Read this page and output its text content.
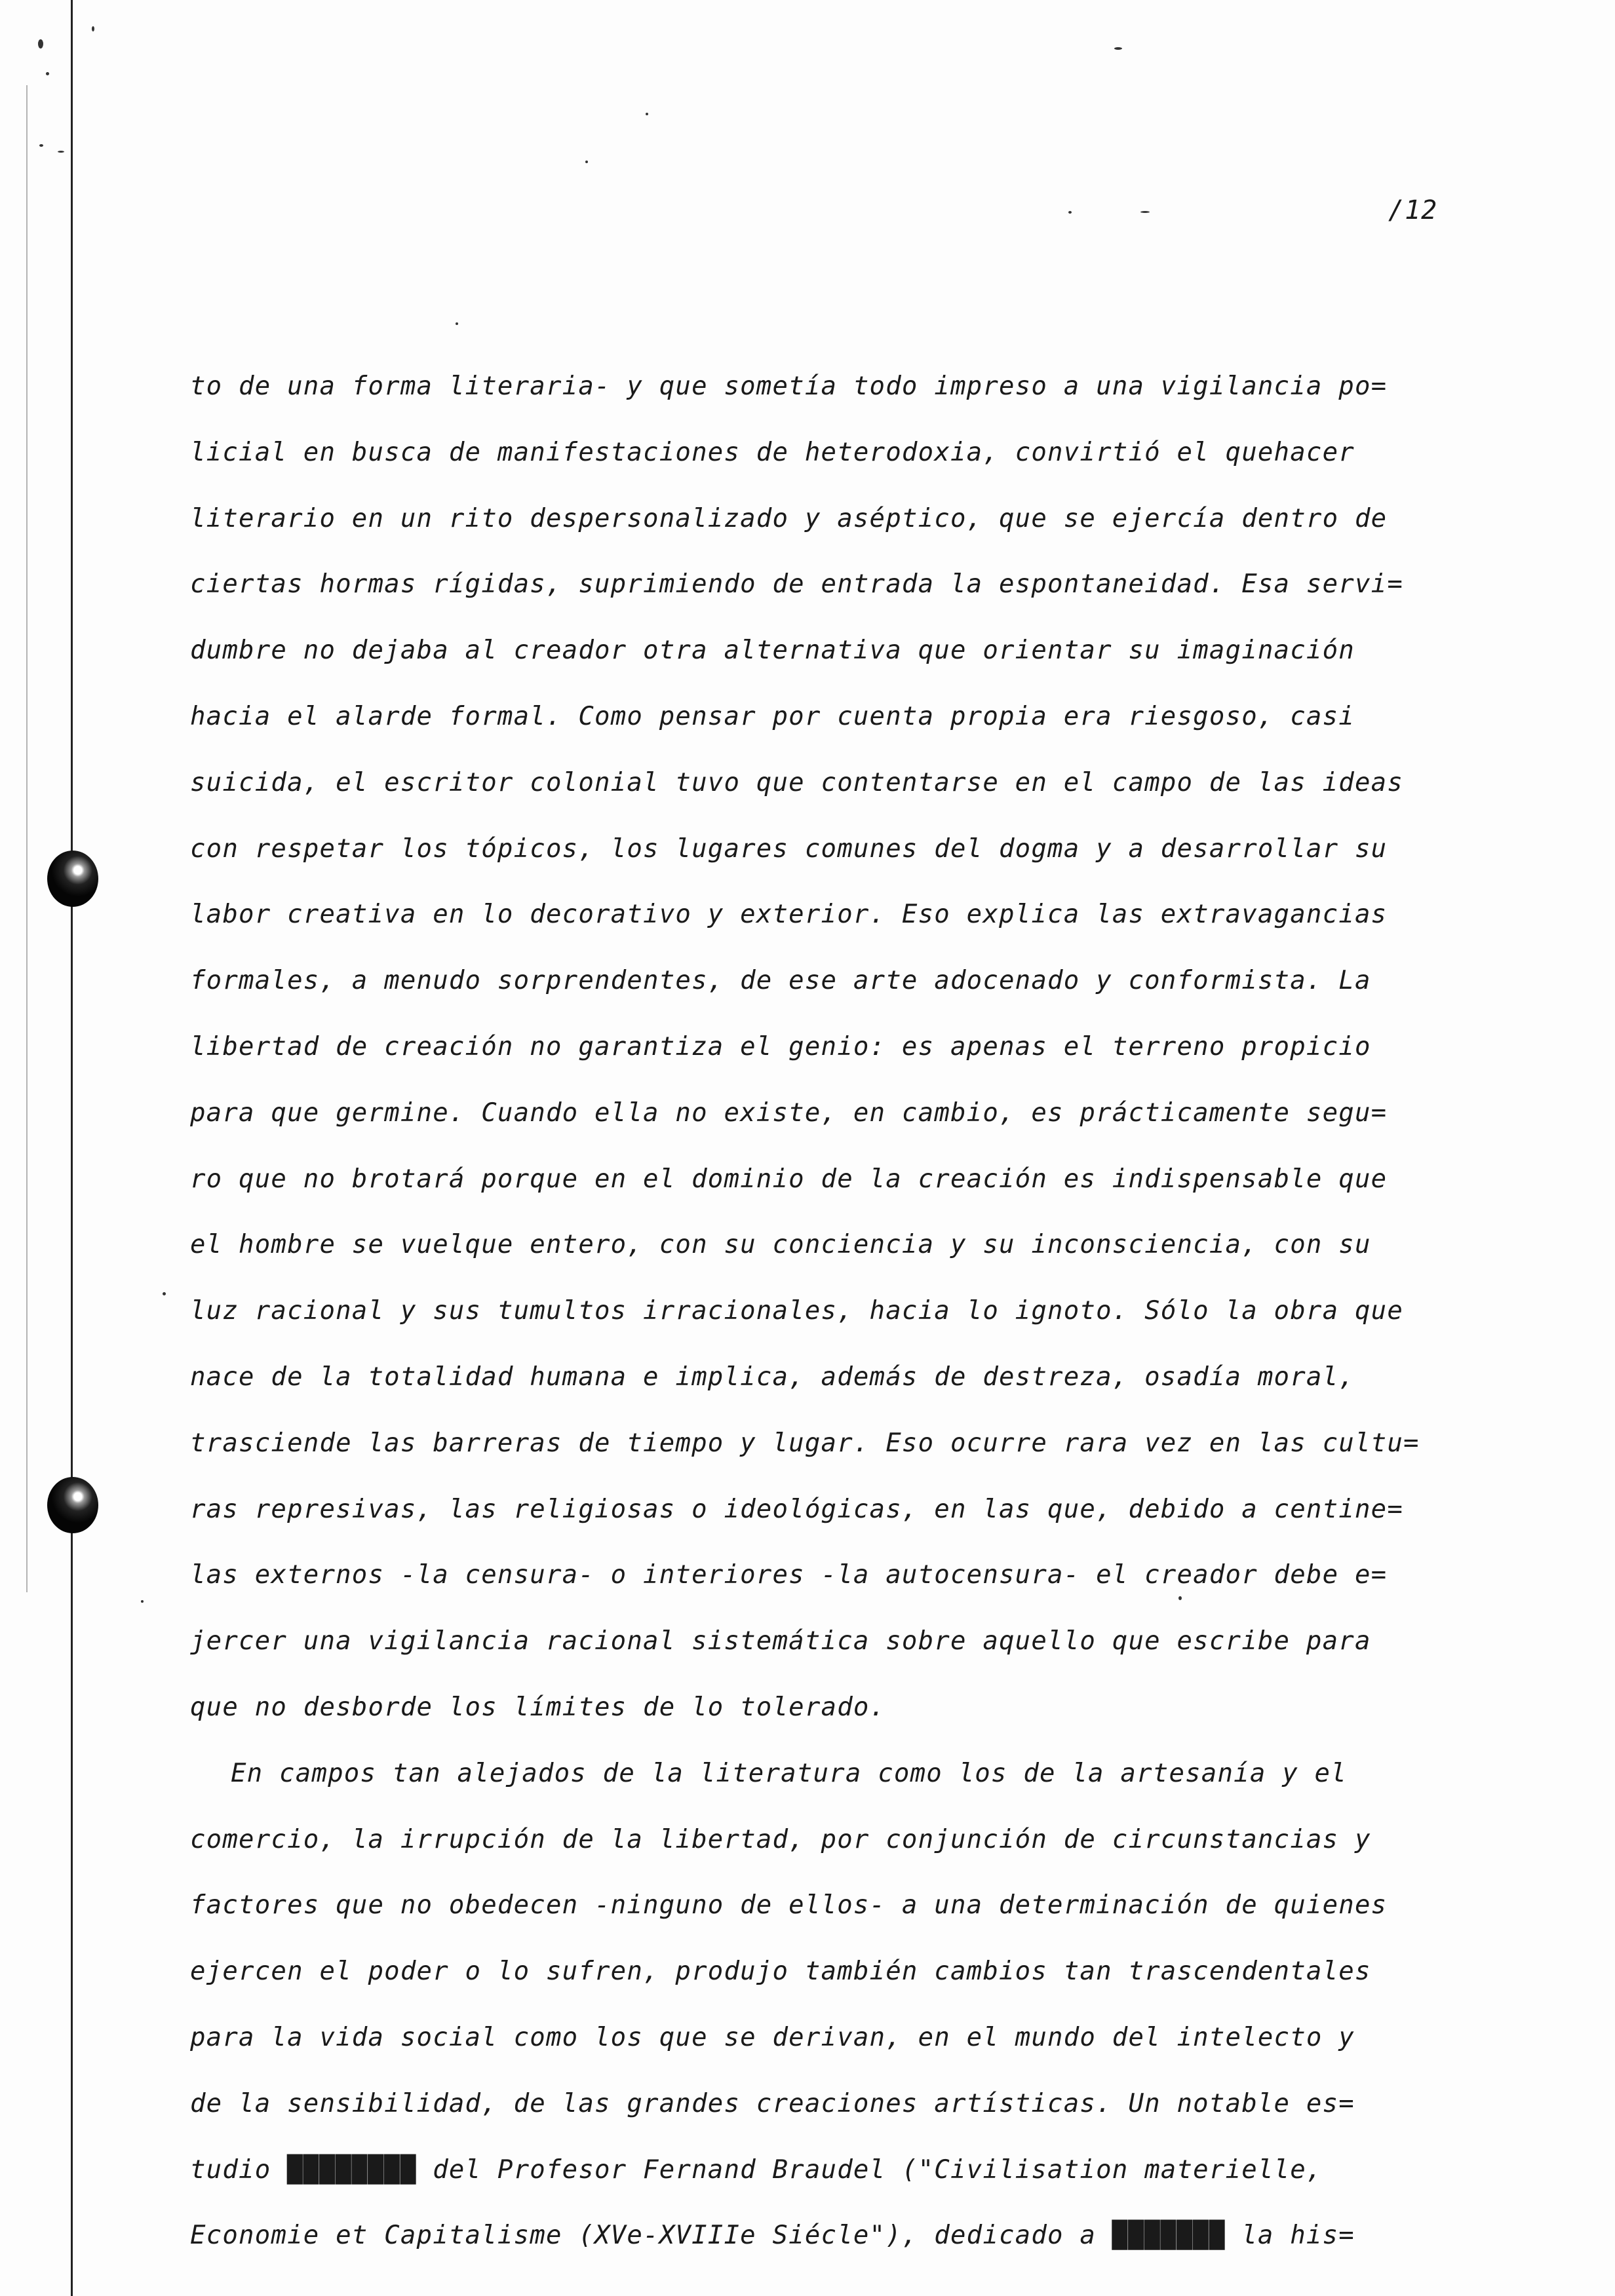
/12
to de una forma literaria- y que sometía todo impreso a una vigilancia po=
licial en busca de manifestaciones de heterodoxia, convirtió el quehacer
literario en un rito despersonalizado y aséptico, que se ejercía dentro de
ciertas hormas rígidas, suprimiendo de entrada la espontaneidad. Esa servi=
dumbre no dejaba al creador otra alternativa que orientar su imaginación
hacia el alarde formal. Como pensar por cuenta propia era riesgoso, casi
suicida, el escritor colonial tuvo que contentarse en el campo de las ideas
con respetar los tópicos, los lugares comunes del dogma y a desarrollar su
labor creativa en lo decorativo y exterior. Eso explica las extravagancias
formales, a menudo sorprendentes, de ese arte adocenado y conformista. La
libertad de creación no garantiza el genio: es apenas el terreno propicio
para que germine. Cuando ella no existe, en cambio, es prácticamente segu=
ro que no brotará porque en el dominio de la creación es indispensable que
el hombre se vuelque entero, con su conciencia y su inconsciencia, con su
luz racional y sus tumultos irracionales, hacia lo ignoto. Sólo la obra que
nace de la totalidad humana e implica, además de destreza, osadía moral,
trasciende las barreras de tiempo y lugar. Eso ocurre rara vez en las cultu=
ras represivas, las religiosas o ideológicas, en las que, debido a centine=
las externos -la censura- o interiores -la autocensura- el creador debe e=
jercer una vigilancia racional sistemática sobre aquello que escribe para
que no desborde los límites de lo tolerado.
En campos tan alejados de la literatura como los de la artesanía y el
comercio, la irrupción de la libertad, por conjunción de circunstancias y
factores que no obedecen -ninguno de ellos- a una determinación de quienes
ejercen el poder o lo sufren, produjo también cambios tan trascendentales
para la vida social como los que se derivan, en el mundo del intelecto y
de la sensibilidad, de las grandes creaciones artísticas. Un notable es=
tudio ████████ del Profesor Fernand Braudel ("Civilisation materielle,
Economie et Capitalisme (XVe-XVIIIe Siécle"), dedicado a ███████ la his=
